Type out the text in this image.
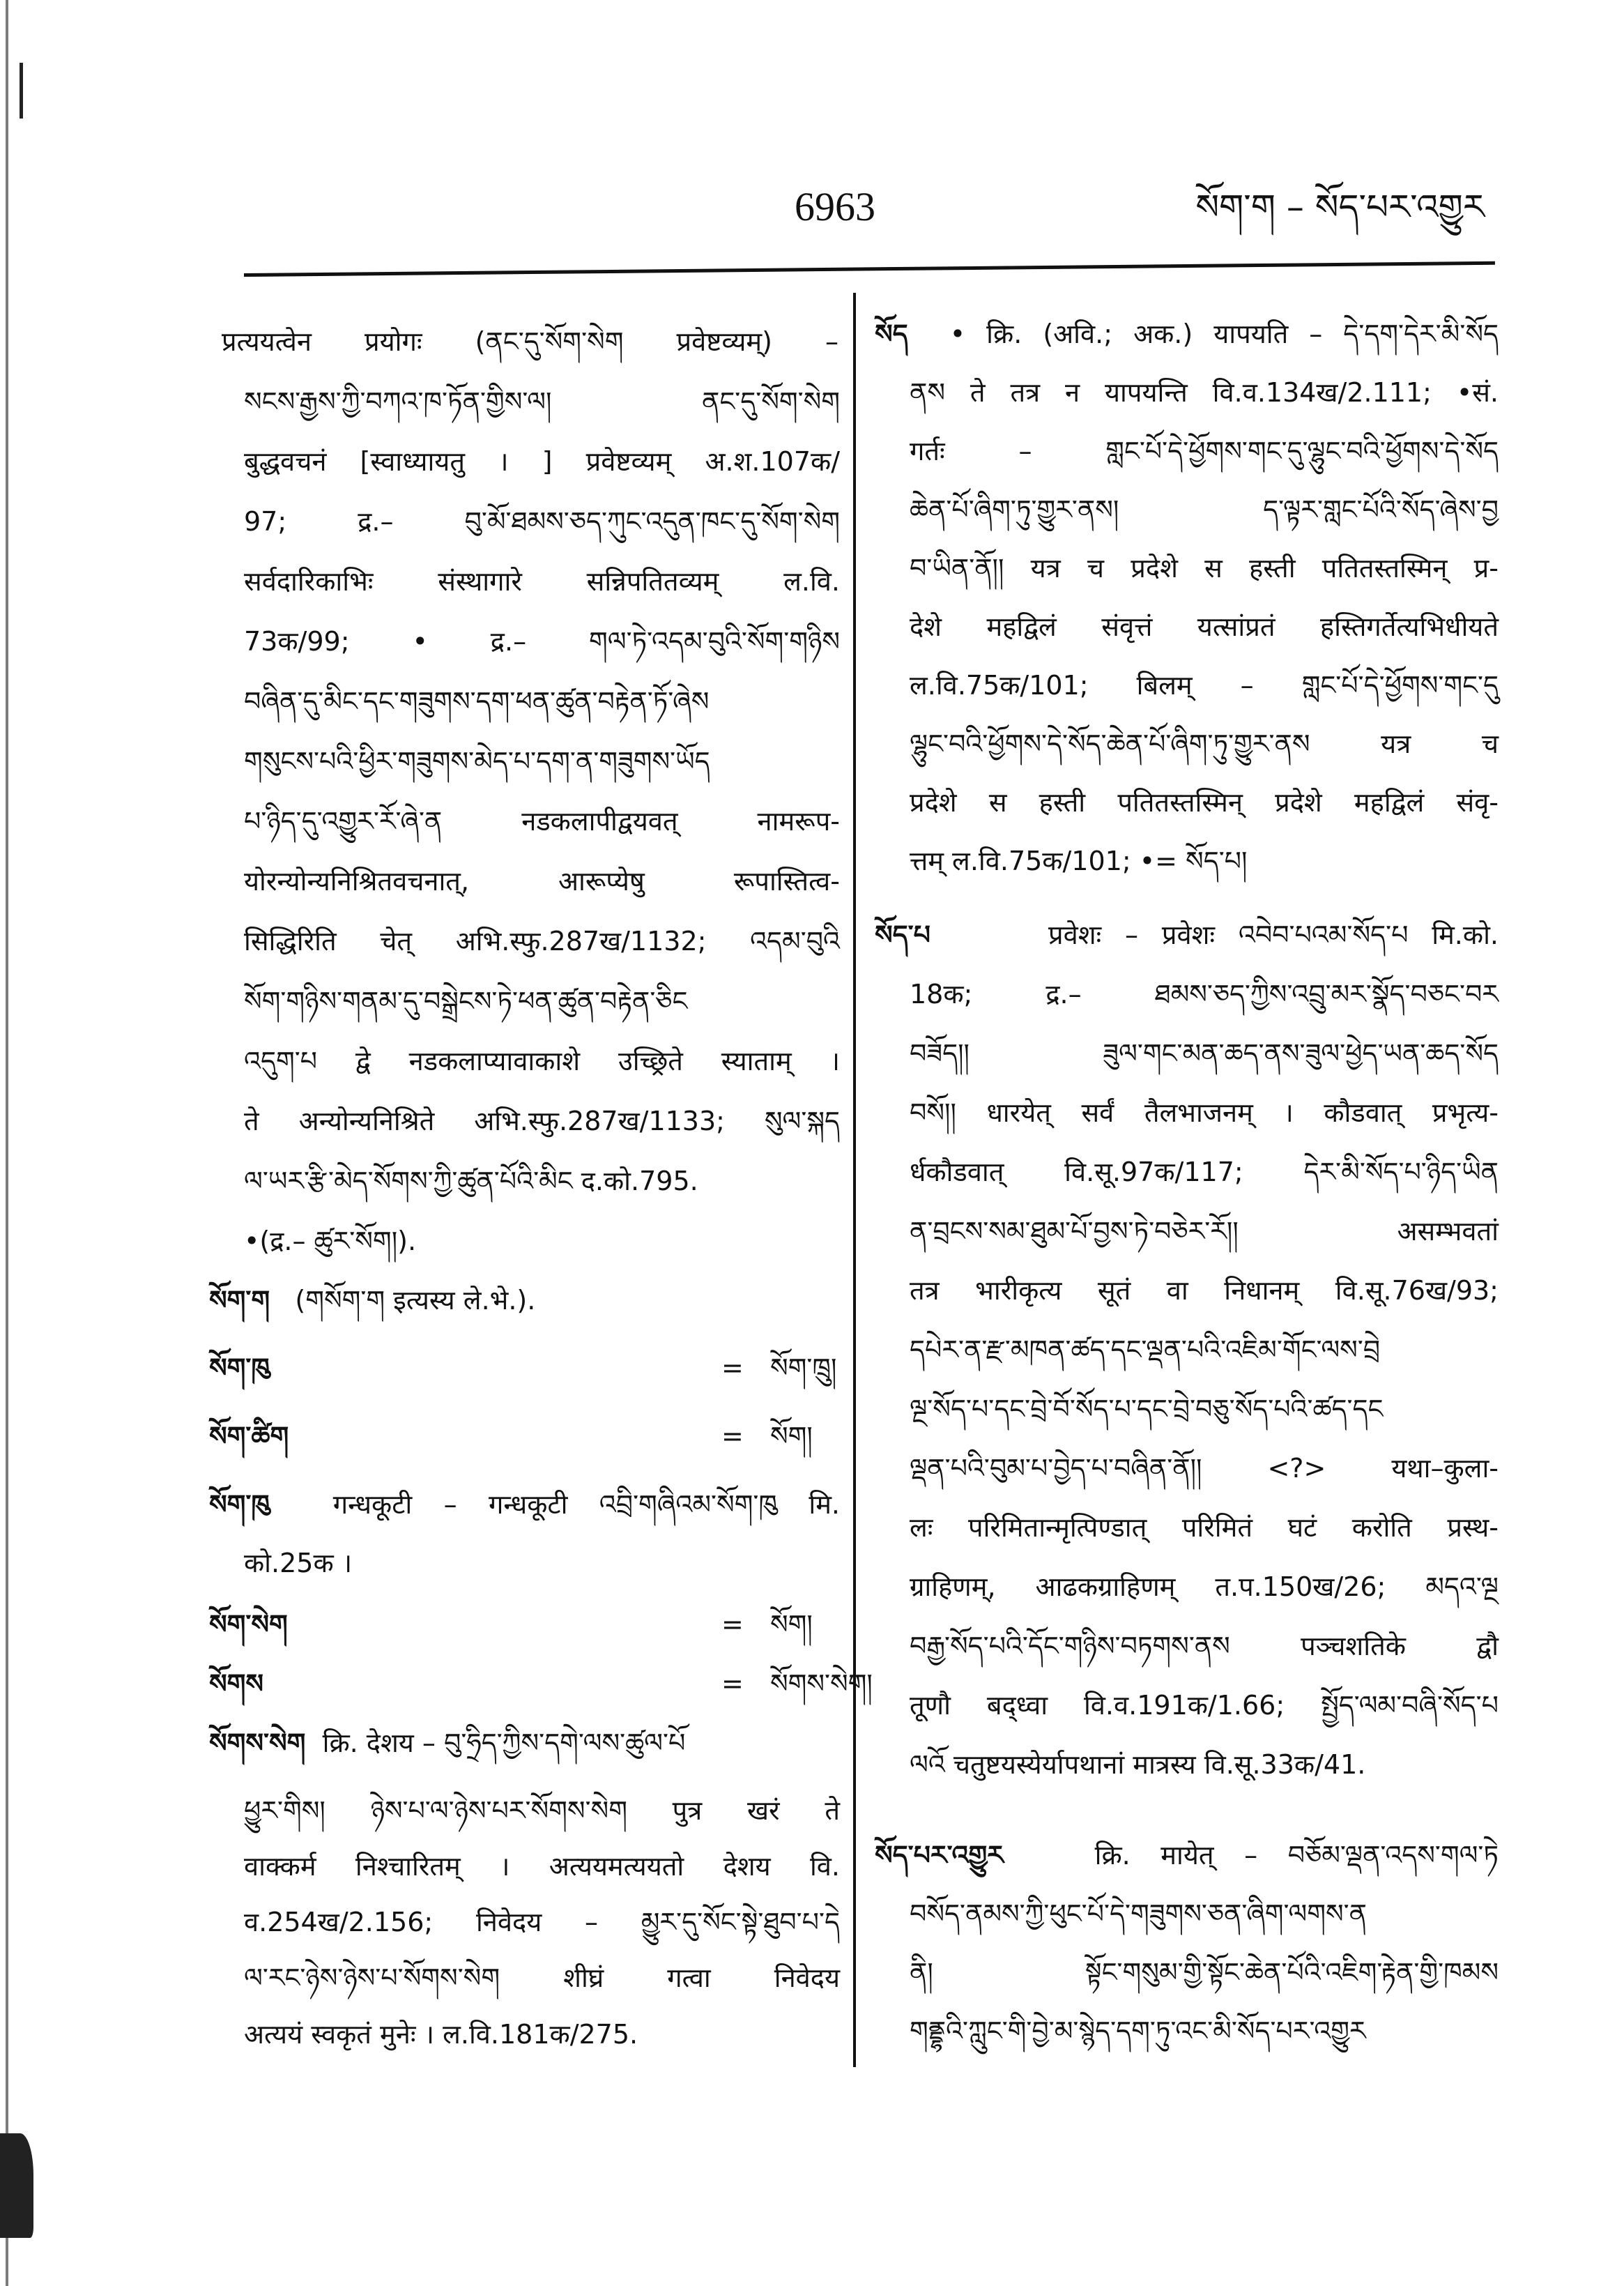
6963	སོག་ག – སོད་པར་འགྱུར
प्रत्ययत्वेन प्रयोगः (ནང་དུ་སོག་སེག प्रवेष्टव्यम्) –
སངས་རྒྱས་ཀྱི་བཀའ་ཁ་ཏོན་གྱིས་ལ། ནང་དུ་སོག་སེག
बुद्धवचनं [स्वाध्यायतु । ] प्रवेष्टव्यम् अ.श.107क/
97; द्र.– བུ་མོ་ཐམས་ཅད་ཀུང་འདུན་ཁང་དུ་སོག་སེག
सर्वदारिकाभिः संस्थागारे सन्निपतितव्यम् ल.वि.
73क/99; • द्र.– གལ་ཏེ་འདམ་བུའི་སོག་གཉིས
བཞིན་དུ་མིང་དང་གཟུགས་དག་ཕན་ཚུན་བརྟེན་ཏོ་ཞེས
གསུངས་པའི་ཕྱིར་གཟུགས་མེད་པ་དག་ན་གཟུགས་ཡོད
པ་ཉིད་དུ་འགྱུར་རོ་ཞེ་ན नडकलापीद्वयवत् नामरूप-
योरन्योन्यनिश्रितवचनात्, आरूप्येषु रूपास्तित्व-
सिद्धिरिति चेत् अभि.स्फु.287ख/1132; འདམ་བུའི
སོག་གཉིས་གནམ་དུ་བསྒྲེངས་ཏེ་ཕན་ཚུན་བརྟེན་ཅིང
འདུག་པ द्वे नडकलाप्यावाकाशे उच्छ्रिते स्याताम् ।
ते अन्योन्यनिश्रिते अभि.स्फु.287ख/1133; སུལ་སྐད
ལ་ཡར་རྩི་མེད་སོགས་ཀྱི་ཚུན་པོའི་མིང द.को.795.
•(द्र.– ཚུར་སོག།).
སོག་ག (གསོག་ག इत्यस्य ले.भे.).
སོག་ཁུ	= སོག་ཁྲུ།
སོག་ཚིག	= སོག།
སོག་ཁུ गन्धकूटी – गन्धकूटी འབྲི་གཞིའམ་སོག་ཁུ मि.
को.25क ।
སོག་སེག	= སོག།
སོགས	= སོགས་སེག།
སོགས་སེག क्रि. देशय – བུ་ཧྲིད་ཀྱིས་དགེ་ལས་ཚུལ་པོ
ཕྱུར་གིས། ཉེས་པ་ལ་ཉེས་པར་སོགས་སེག पुत्र खरं ते
वाक्कर्म निश्चारितम् । अत्ययमत्ययतो देशय वि.
व.254ख/2.156; निवेदय – མྱུར་དུ་སོང་སྟེ་ཐུབ་པ་དེ
ལ་རང་ཉེས་ཉེས་པ་སོགས་སེག शीघ्रं गत्वा निवेदय
अत्ययं स्वकृतं मुनेः । ल.वि.181क/275.
སོད • क्रि. (अवि.; अक.) यापयति – དེ་དག་དེར་མི་སོད
ནས ते तत्र न यापयन्ति वि.व.134ख/2.111; •सं.
गर्तः – གླང་པོ་དེ་ཕྱོགས་གང་དུ་ལྷུང་བའི་ཕྱོགས་དེ་སོད
ཆེན་པོ་ཞིག་ཏུ་གྱུར་ནས། ད་ལྟར་གླང་པོའི་སོད་ཞེས་བྱ
བ་ཡིན་ནོ།། यत्र च प्रदेशे स हस्ती पतितस्तस्मिन् प्र-
देशे महद्विलं संवृत्तं यत्सांप्रतं हस्तिगर्तेत्यभिधीयते
ल.वि.75क/101; बिलम् – གླང་པོ་དེ་ཕྱོགས་གང་དུ
ལྷུང་བའི་ཕྱོགས་དེ་སོད་ཆེན་པོ་ཞིག་ཏུ་གྱུར་ནས यत्र च
प्रदेशे स हस्ती पतितस्तस्मिन् प्रदेशे महद्विलं संवृ-
त्तम् ल.वि.75क/101; •= སོད་པ།
སོད་པ	प्रवेशः – प्रवेशः འབེབ་པའམ་སོད་པ मि.को.
18क; द्र.– ཐམས་ཅད་ཀྱིས་འབྲུ་མར་སྣོད་བཅང་བར
བཟོད།། ཟུལ་གང་མན་ཆད་ནས་ཟུལ་ཕྱེད་ཡན་ཆད་སོད
བསོ།། धारयेत् सर्वं तैलभाजनम् । कौडवात् प्रभृत्य-
र्धकौडवात् वि.सू.97क/117; དེར་མི་སོད་པ་ཉིད་ཡིན
ན་བྲངས་སམ་ཐུམ་པོ་བྱས་ཏེ་བཅེར་རོ།། असम्भवतां
तत्र भारीकृत्य सूतं वा निधानम् वि.सू.76ख/93;
དཔེར་ན་རྫ་མཁན་ཚད་དང་ལྡན་པའི་འཇིམ་གོང་ལས་བྲེ
ལྔ་སོད་པ་དང་བྲེ་བོ་སོད་པ་དང་བྲེ་བཅུ་སོད་པའི་ཚད་དང
ལྡན་པའི་བུམ་པ་བྱེད་པ་བཞིན་ནོ།། <?> यथा–कुला-
लः परिमितान्मृत्पिण्डात् परिमितं घटं करोति प्रस्थ-
ग्राहिणम्, आढकग्राहिणम् त.प.150ख/26; མདའ་ལྔ
བརྒྱ་སོད་པའི་དོང་གཉིས་བཏགས་ནས पञ्चशतिके द्वौ
तूणौ बद्ध्वा वि.व.191क/1.66; སྤྱོད་ལམ་བཞི་སོད་པ
ལའོ चतुष्टयस्येर्यापथानां मात्रस्य वि.सू.33क/41.
སོད་པར་འགྱུར	क्रि. मायेत् – བཅོམ་ལྡན་འདས་གལ་ཏེ
བསོད་ནམས་ཀྱི་ཕུང་པོ་དེ་གཟུགས་ཅན་ཞིག་ལགས་ན
ནི། སྟོང་གསུམ་གྱི་སྟོང་ཆེན་པོའི་འཇིག་རྟེན་གྱི་ཁམས
གནྡྷའི་ཀླུང་གི་བྱེ་མ་སྙེད་དག་ཏུ་འང་མི་སོད་པར་འགྱུར
